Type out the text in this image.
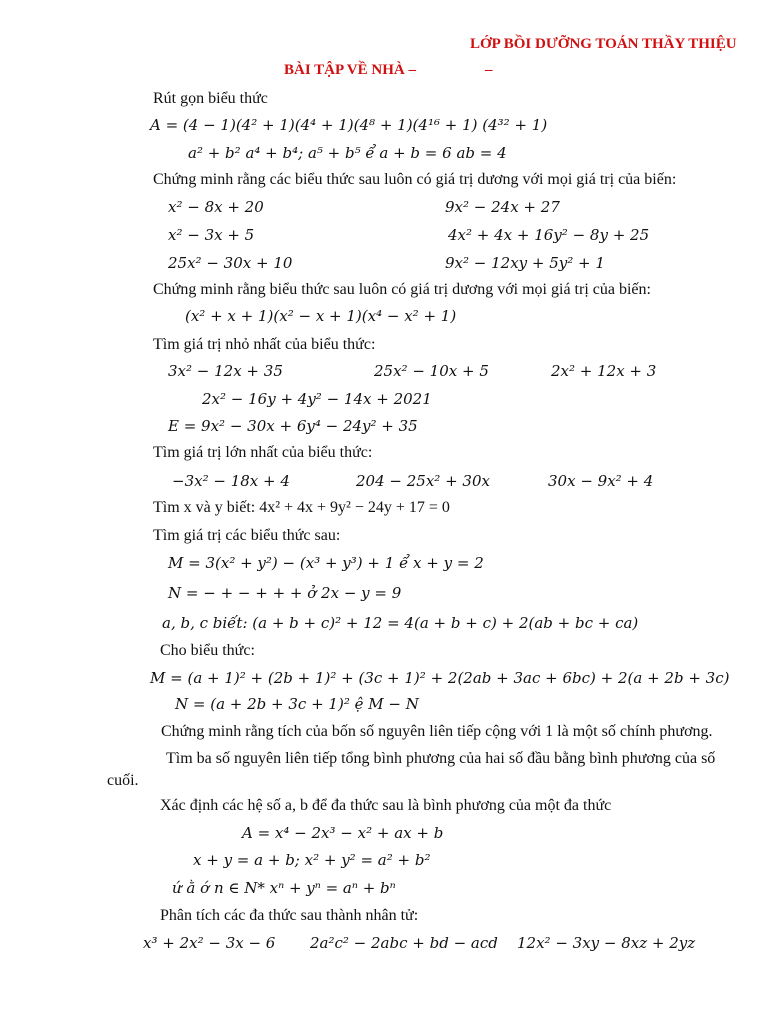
LỚP BỒI DƯỠNG TOÁN THẦY THIỆU
BÀI TẬP VỀ NHÀ –	–
Rút gọn biểu thức
A = (4 − 1)(4² + 1)(4⁴ + 1)(4⁸ + 1)(4¹⁶ + 1) (4³² + 1)
a² + b² a⁴ + b⁴; a⁵ + b⁵ ể a + b = 6 ab = 4
Chứng minh rằng các biểu thức sau luôn có giá trị dương với mọi giá trị của biến:
x² − 8x + 20	9x² − 24x + 27
x² − 3x + 5	4x² + 4x + 16y² − 8y + 25
25x² − 30x + 10	9x² − 12xy + 5y² + 1
Chứng minh rằng biểu thức sau luôn có giá trị dương với mọi giá trị của biến:
(x² + x + 1)(x² − x + 1)(x⁴ − x² + 1)
Tìm giá trị nhỏ nhất của biểu thức:
3x² − 12x + 35	25x² − 10x + 5	2x² + 12x + 3
2x² − 16y + 4y² − 14x + 2021
E = 9x² − 30x + 6y⁴ − 24y² + 35
Tìm giá trị lớn nhất của biểu thức:
−3x² − 18x + 4	204 − 25x² + 30x	30x − 9x² + 4
Tìm x và y biết: 4x² + 4x + 9y² − 24y + 17 = 0
Tìm giá trị các biểu thức sau:
M = 3(x² + y²) − (x³ + y³) + 1 ể x + y = 2
N = − + − + + + ở 2x − y = 9
a, b, c biết: (a + b + c)² + 12 = 4(a + b + c) + 2(ab + bc + ca)
Cho biểu thức:
M = (a + 1)² + (2b + 1)² + (3c + 1)² + 2(2ab + 3ac + 6bc) + 2(a + 2b + 3c)
N = (a + 2b + 3c + 1)² ệ M − N
Chứng minh rằng tích của bốn số nguyên liên tiếp cộng với 1 là một số chính phương.
Tìm ba số nguyên liên tiếp tổng bình phương của hai số đầu bằng bình phương của số
cuối.
Xác định các hệ số a, b để đa thức sau là bình phương của một đa thức
A = x⁴ − 2x³ − x² + ax + b
x + y = a + b; x² + y² = a² + b²
ứ ằ ớ n ∈ N* xⁿ + yⁿ = aⁿ + bⁿ
Phân tích các đa thức sau thành nhân tử:
x³ + 2x² − 3x − 6 2a²c² − 2abc + bd − acd 12x² − 3xy − 8xz + 2yz
